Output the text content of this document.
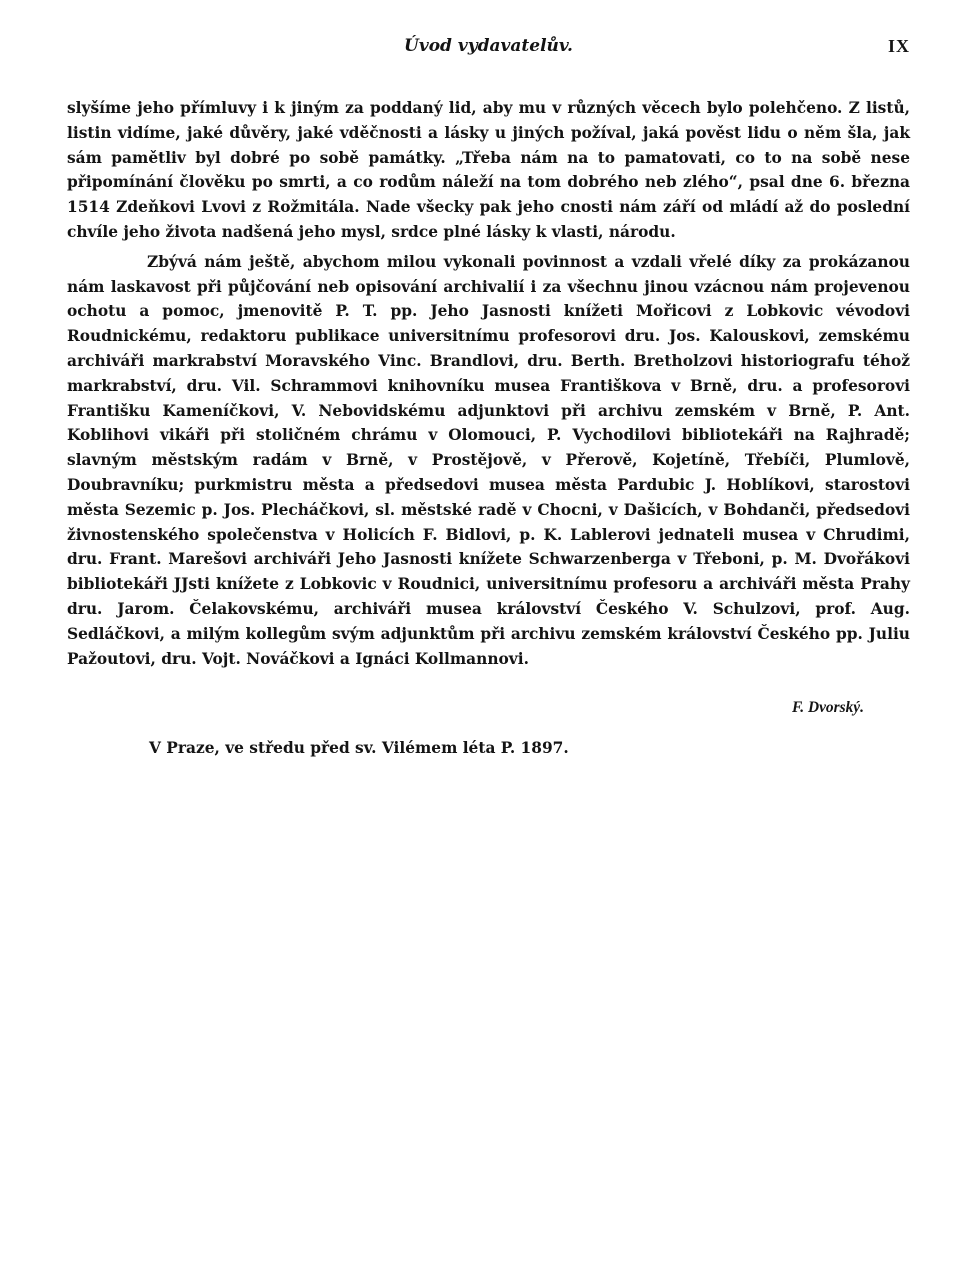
Úvod vydavatelův.	IX

slyšíme jeho přímluvy i k jiným za poddaný lid, aby mu v různých věcech bylo polehčeno. Z listů, listin vidíme, jaké důvěry, jaké vděčnosti a lásky u jiných požíval, jaká pověst lidu o něm šla, jak sám pamětliv byl dobré po sobě památky. „Třeba nám na to pamatovati, co to na sobě nese připomínání člověku po smrti, a co rodům náleží na tom dobrého neb zlého“, psal dne 6. března 1514 Zdeňkovi Lvovi z Rožmitála. Nade všecky pak jeho cnosti nám září od mládí až do poslední chvíle jeho života nadšená jeho mysl, srdce plné lásky k vlasti, národu.

Zbývá nám ještě, abychom milou vykonali povinnost a vzdali vřelé díky za prokázanou nám laskavost při půjčování neb opisování archivalií i za všechnu jinou vzácnou nám projevenou ochotu a pomoc, jmenovitě P. T. pp. Jeho Jasnosti knížeti Mořicovi z Lobkovic vévodovi Roudnickému, redaktoru publikace universitnímu profesorovi dru. Jos. Kalouskovi, zemskému archiváři markrabství Moravského Vinc. Brandlovi, dru. Berth. Bretholzovi historiografu téhož markrabství, dru. Vil. Schrammovi knihovníku musea Františkova v Brně, dru. a profesorovi Františku Kameníčkovi, V. Nebovidskému adjunktovi při archivu zemském v Brně, P. Ant. Koblihovi vikáři při stoličném chrámu v Olomouci, P. Vychodilovi bibliotekáři na Rajhradě; slavným městským radám v Brně, v Prostějově, v Přerově, Kojetíně, Třebíči, Plumlově, Doubravníku; purkmistru města a předsedovi musea města Pardubic J. Hoblíkovi, starostovi města Sezemic p. Jos. Plecháčkovi, sl. městské radě v Chocni, v Dašicích, v Bohdanči, předsedovi živnostenského společenstva v Holicích F. Bidlovi, p. K. Lablerovi jednateli musea v Chrudimi, dru. Frant. Marešovi archiváři Jeho Jasnosti knížete Schwarzenberga v Třeboni, p. M. Dvořákovi bibliotekáři JJsti knížete z Lobkovic v Roudnici, universitnímu profesoru a archiváři města Prahy dru. Jarom. Čelakovskému, archiváři musea království Českého V. Schulzovi, prof. Aug. Sedláčkovi, a milým kollegům svým adjunktům při archivu zemském království Českého pp. Juliu Pažoutovi, dru. Vojt. Nováčkovi a Ignáci Kollmannovi.

F. Dvorský.
V Praze, ve středu před sv. Vilémem léta P. 1897.
